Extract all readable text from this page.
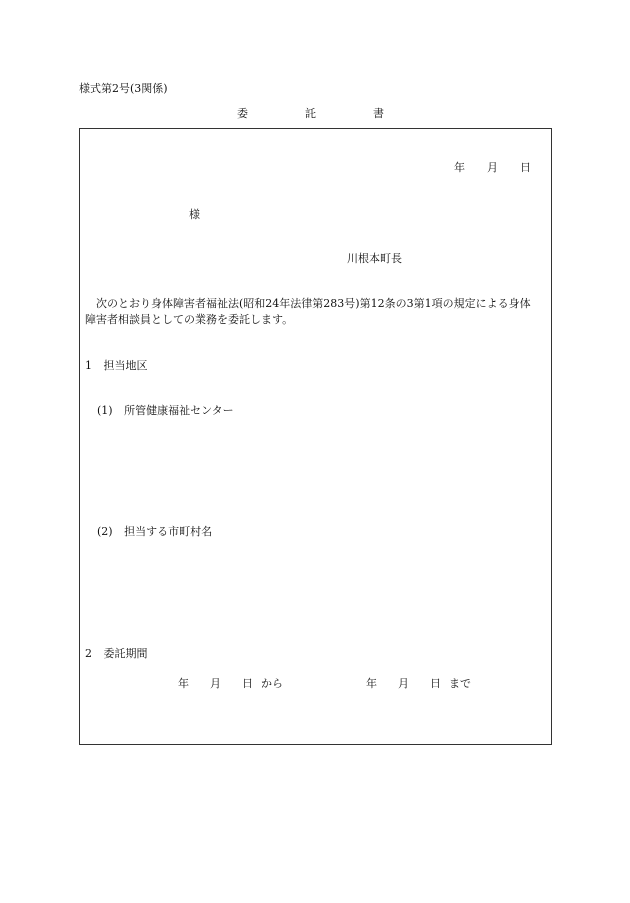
様式第2号(3関係)
委	託	書
年 月 日
様
川根本町長
次のとおり身体障害者福祉法(昭和24年法律第283号)第12条の3第1項の規定による身体
障害者相談員としての業務を委託します。
1 担当地区
(1) 所管健康福祉センター
(2) 担当する市町村名
2 委託期間
年 月 日 から	年 月 日 まで
